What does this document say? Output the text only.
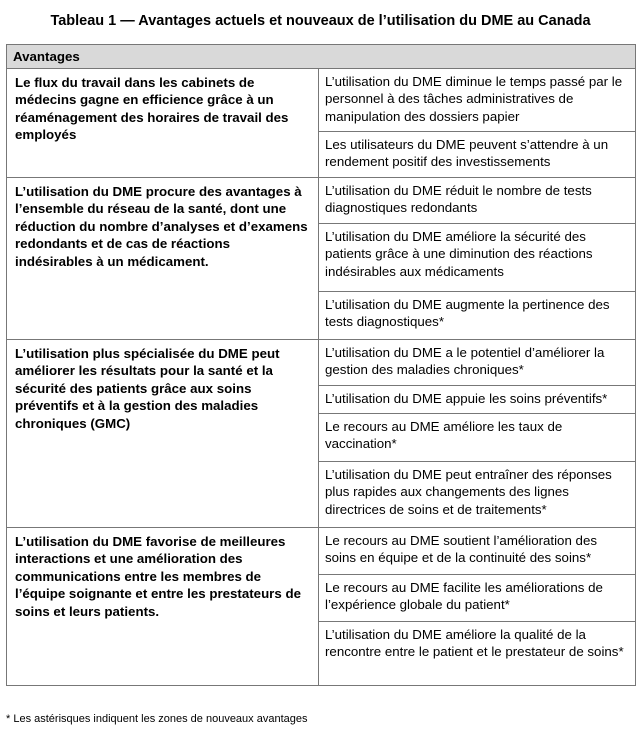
Tableau 1 — Avantages actuels et nouveaux de l’utilisation du DME au Canada
Avantages	
Le flux du travail dans les cabinets de médecins gagne en efficience grâce à un réaménagement des horaires de travail des employés	L’utilisation du DME diminue le temps passé par le personnel à des tâches administratives de manipulation des dossiers papier
	Les utilisateurs du DME peuvent s’attendre à un rendement positif des investissements
L’utilisation du DME procure des avantages à l’ensemble du réseau de la santé, dont une réduction du nombre d’analyses et d’examens redondants et de cas de réactions indésirables à un médicament.	L’utilisation du DME réduit le nombre de tests diagnostiques redondants
	L’utilisation du DME améliore la sécurité des patients grâce à une diminution des réactions indésirables aux médicaments
	L’utilisation du DME augmente la pertinence des tests diagnostiques*
L’utilisation plus spécialisée du DME peut améliorer les résultats pour la santé et la sécurité des patients grâce aux soins préventifs et à la gestion des maladies chroniques (GMC)	L’utilisation du DME a le potentiel d’améliorer la gestion des maladies chroniques*
	L’utilisation du DME appuie les soins préventifs*
	Le recours au DME améliore les taux de vaccination*
	L’utilisation du DME peut entraîner des réponses plus rapides aux changements des lignes directrices de soins et de traitements*
L’utilisation du DME favorise de meilleures interactions et une amélioration des communications entre les membres de l’équipe soignante et entre les prestateurs de soins et leurs patients.	Le recours au DME soutient l’amélioration des soins en équipe et de la continuité des soins*
	Le recours au DME facilite les améliorations de l’expérience globale du patient*
	L’utilisation du DME améliore la qualité de la rencontre entre le patient et le prestateur de soins*
* Les astérisques indiquent les zones de nouveaux avantages
